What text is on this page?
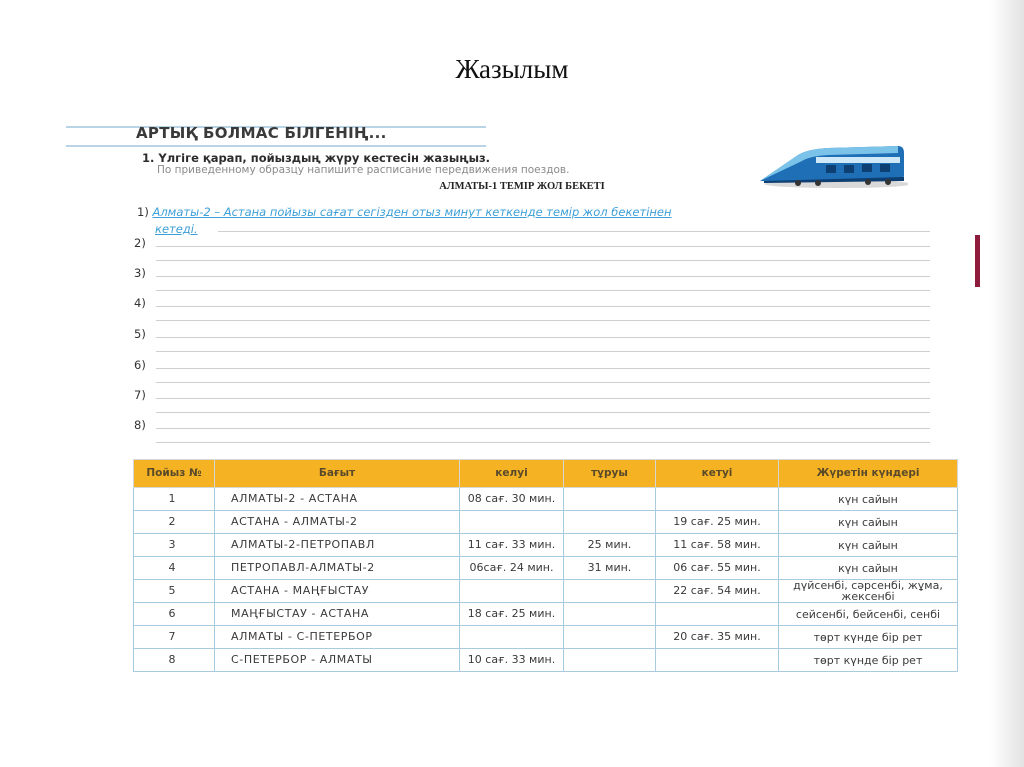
Жазылым
АРТЫҚ БОЛМАС БІЛГЕНІҢ...
1. Үлгіге қарап, пойыздың жүру кестесін жазыңыз.
По приведенному образцу напишите расписание передвижения поездов.
АЛМАТЫ-1 ТЕМІР ЖОЛ БЕКЕТІ
1) Алматы-2 – Астана пойызы сағат сегізден отыз минут кеткенде темір жол бекетінен
кетеді.
2)
3)
4)
5)
6)
7)
8)
Пойыз №	Бағыт	келуі	тұруы	кетуі	Жүретін күндері
1	АЛМАТЫ-2 - АСТАНА	08 сағ. 30 мин.			күн сайын
2	АСТАНА - АЛМАТЫ-2			19 сағ. 25 мин.	күн сайын
3	АЛМАТЫ-2-ПЕТРОПАВЛ	11 сағ. 33 мин.	25 мин.	11 сағ. 58 мин.	күн сайын
4	ПЕТРОПАВЛ-АЛМАТЫ-2	06сағ. 24 мин.	31 мин.	06 сағ. 55 мин.	күн сайын
5	АСТАНА - МАҢҒЫСТАУ			22 сағ. 54 мин.	дүйсенбі, сәрсенбі, жұма, жексенбі
6	МАҢҒЫСТАУ - АСТАНА	18 сағ. 25 мин.			сейсенбі, бейсенбі, сенбі
7	АЛМАТЫ - С-ПЕТЕРБОР			20 сағ. 35 мин.	төрт күнде бір рет
8	С-ПЕТЕРБОР - АЛМАТЫ	10 сағ. 33 мин.			төрт күнде бір рет
